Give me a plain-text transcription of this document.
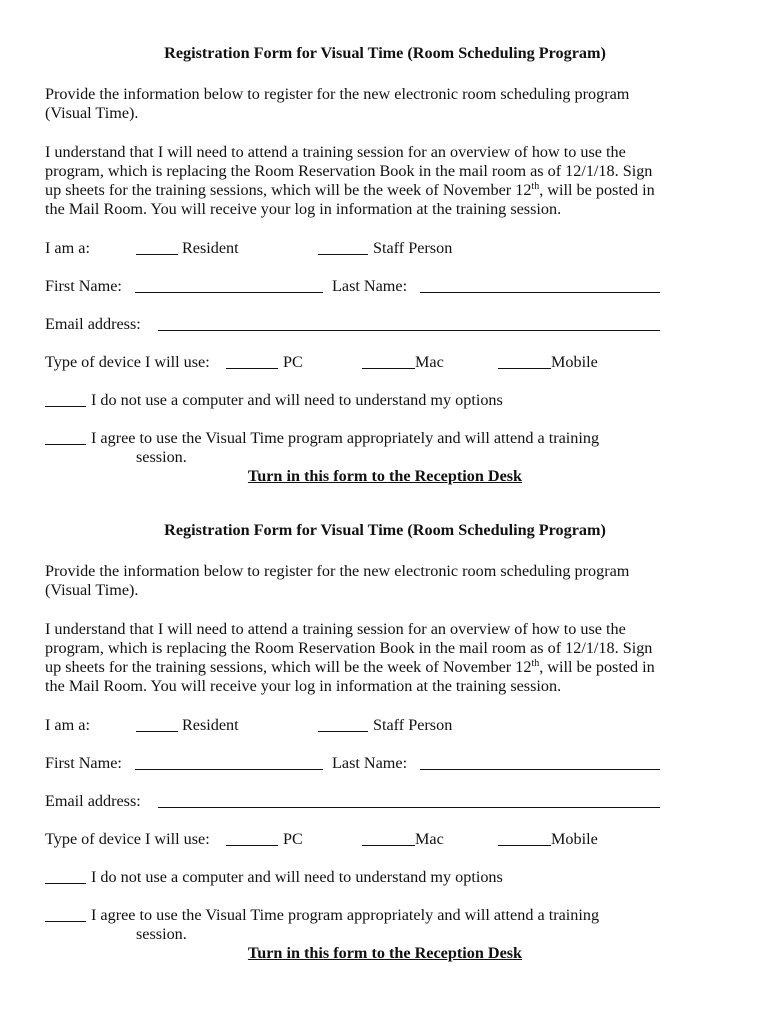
Registration Form for Visual Time (Room Scheduling Program)
Provide the information below to register for the new electronic room scheduling program
(Visual Time).
I understand that I will need to attend a training session for an overview of how to use the
program, which is replacing the Room Reservation Book in the mail room as of 12/1/18. Sign
up sheets for the training sessions, which will be the week of November 12th, will be posted in
the Mail Room. You will receive your log in information at the training session.
I am a:	Resident	Staff Person
First Name:	Last Name:
Email address:
Type of device I will use:	PC	Mac	Mobile
I do not use a computer and will need to understand my options
I agree to use the Visual Time program appropriately and will attend a training
session.
Turn in this form to the Reception Desk
Registration Form for Visual Time (Room Scheduling Program)
Provide the information below to register for the new electronic room scheduling program
(Visual Time).
I understand that I will need to attend a training session for an overview of how to use the
program, which is replacing the Room Reservation Book in the mail room as of 12/1/18. Sign
up sheets for the training sessions, which will be the week of November 12th, will be posted in
the Mail Room. You will receive your log in information at the training session.
I am a:	Resident	Staff Person
First Name:	Last Name:
Email address:
Type of device I will use:	PC	Mac	Mobile
I do not use a computer and will need to understand my options
I agree to use the Visual Time program appropriately and will attend a training
session.
Turn in this form to the Reception Desk
